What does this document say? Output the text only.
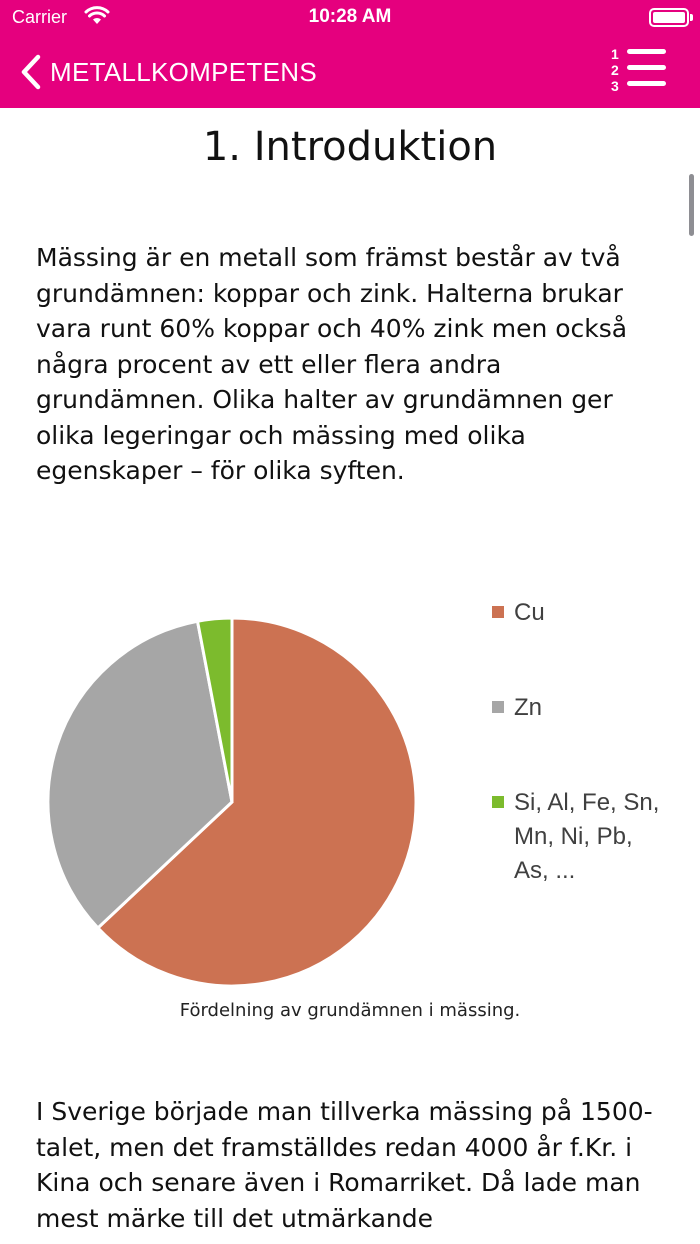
Carrier	10:28 AM
METALLKOMPETENS
1
2
3
1. Introduktion

Mässing är en metall som främst består av två grundämnen: koppar och zink. Halterna brukar vara runt 60% koppar och 40% zink men också några procent av ett eller flera andra grundämnen. Olika halter av grundämnen ger olika legeringar och mässing med olika egenskaper – för olika syften.

Cu
Zn
Si, Al, Fe, Sn,
Mn, Ni, Pb,
As, ...

Fördelning av grundämnen i mässing.

I Sverige började man tillverka mässing på 1500-talet, men det framställdes redan 4000 år f.Kr. i Kina och senare även i Romarriket. Då lade man mest märke till det utmärkande
